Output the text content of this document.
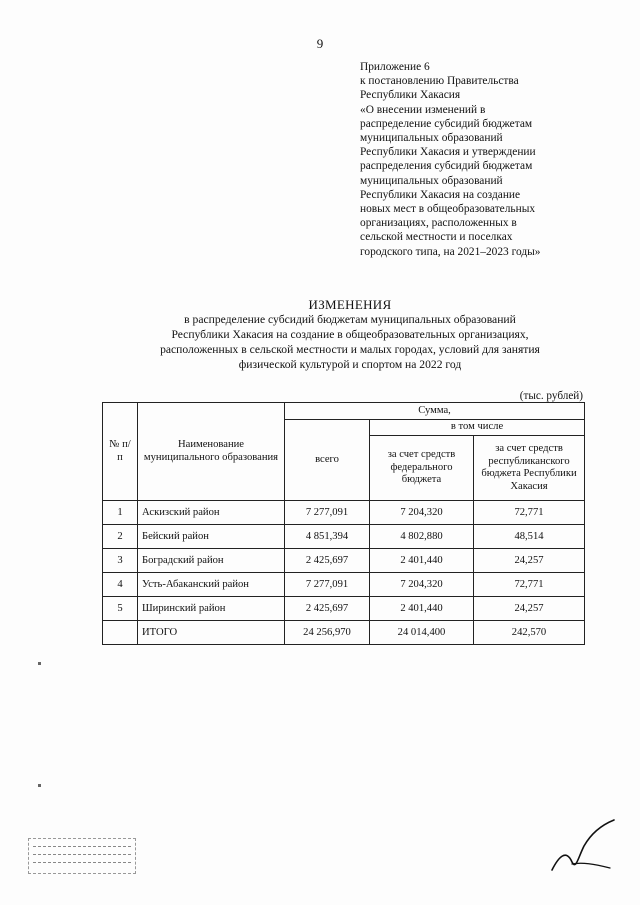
9
Приложение 6
к постановлению Правительства
Республики Хакасия
«О внесении изменений в
распределение субсидий бюджетам
муниципальных образований
Республики Хакасия и утверждении
распределения субсидий бюджетам
муниципальных образований
Республики Хакасия на создание
новых мест в общеобразовательных
организациях, расположенных в
сельской местности и поселках
городского типа, на 2021–2023 годы»
ИЗМЕНЕНИЯ
в распределение субсидий бюджетам муниципальных образований
Республики Хакасия на создание в общеобразовательных организациях,
расположенных в сельской местности и малых городах, условий для занятия
физической культурой и спортом на 2022 год
(тыс. рублей)
№ п/п	Наименование муниципального образования	Сумма,		
		всего	в том числе	
			за счет средств федерального бюджета	за счет средств республиканского бюджета Республики Хакасия
1	Аскизский район	7 277,091	7 204,320	72,771
2	Бейский район	4 851,394	4 802,880	48,514
3	Боградский район	2 425,697	2 401,440	24,257
4	Усть-Абаканский район	7 277,091	7 204,320	72,771
5	Ширинский район	2 425,697	2 401,440	24,257
	ИТОГО	24 256,970	24 014,400	242,570
